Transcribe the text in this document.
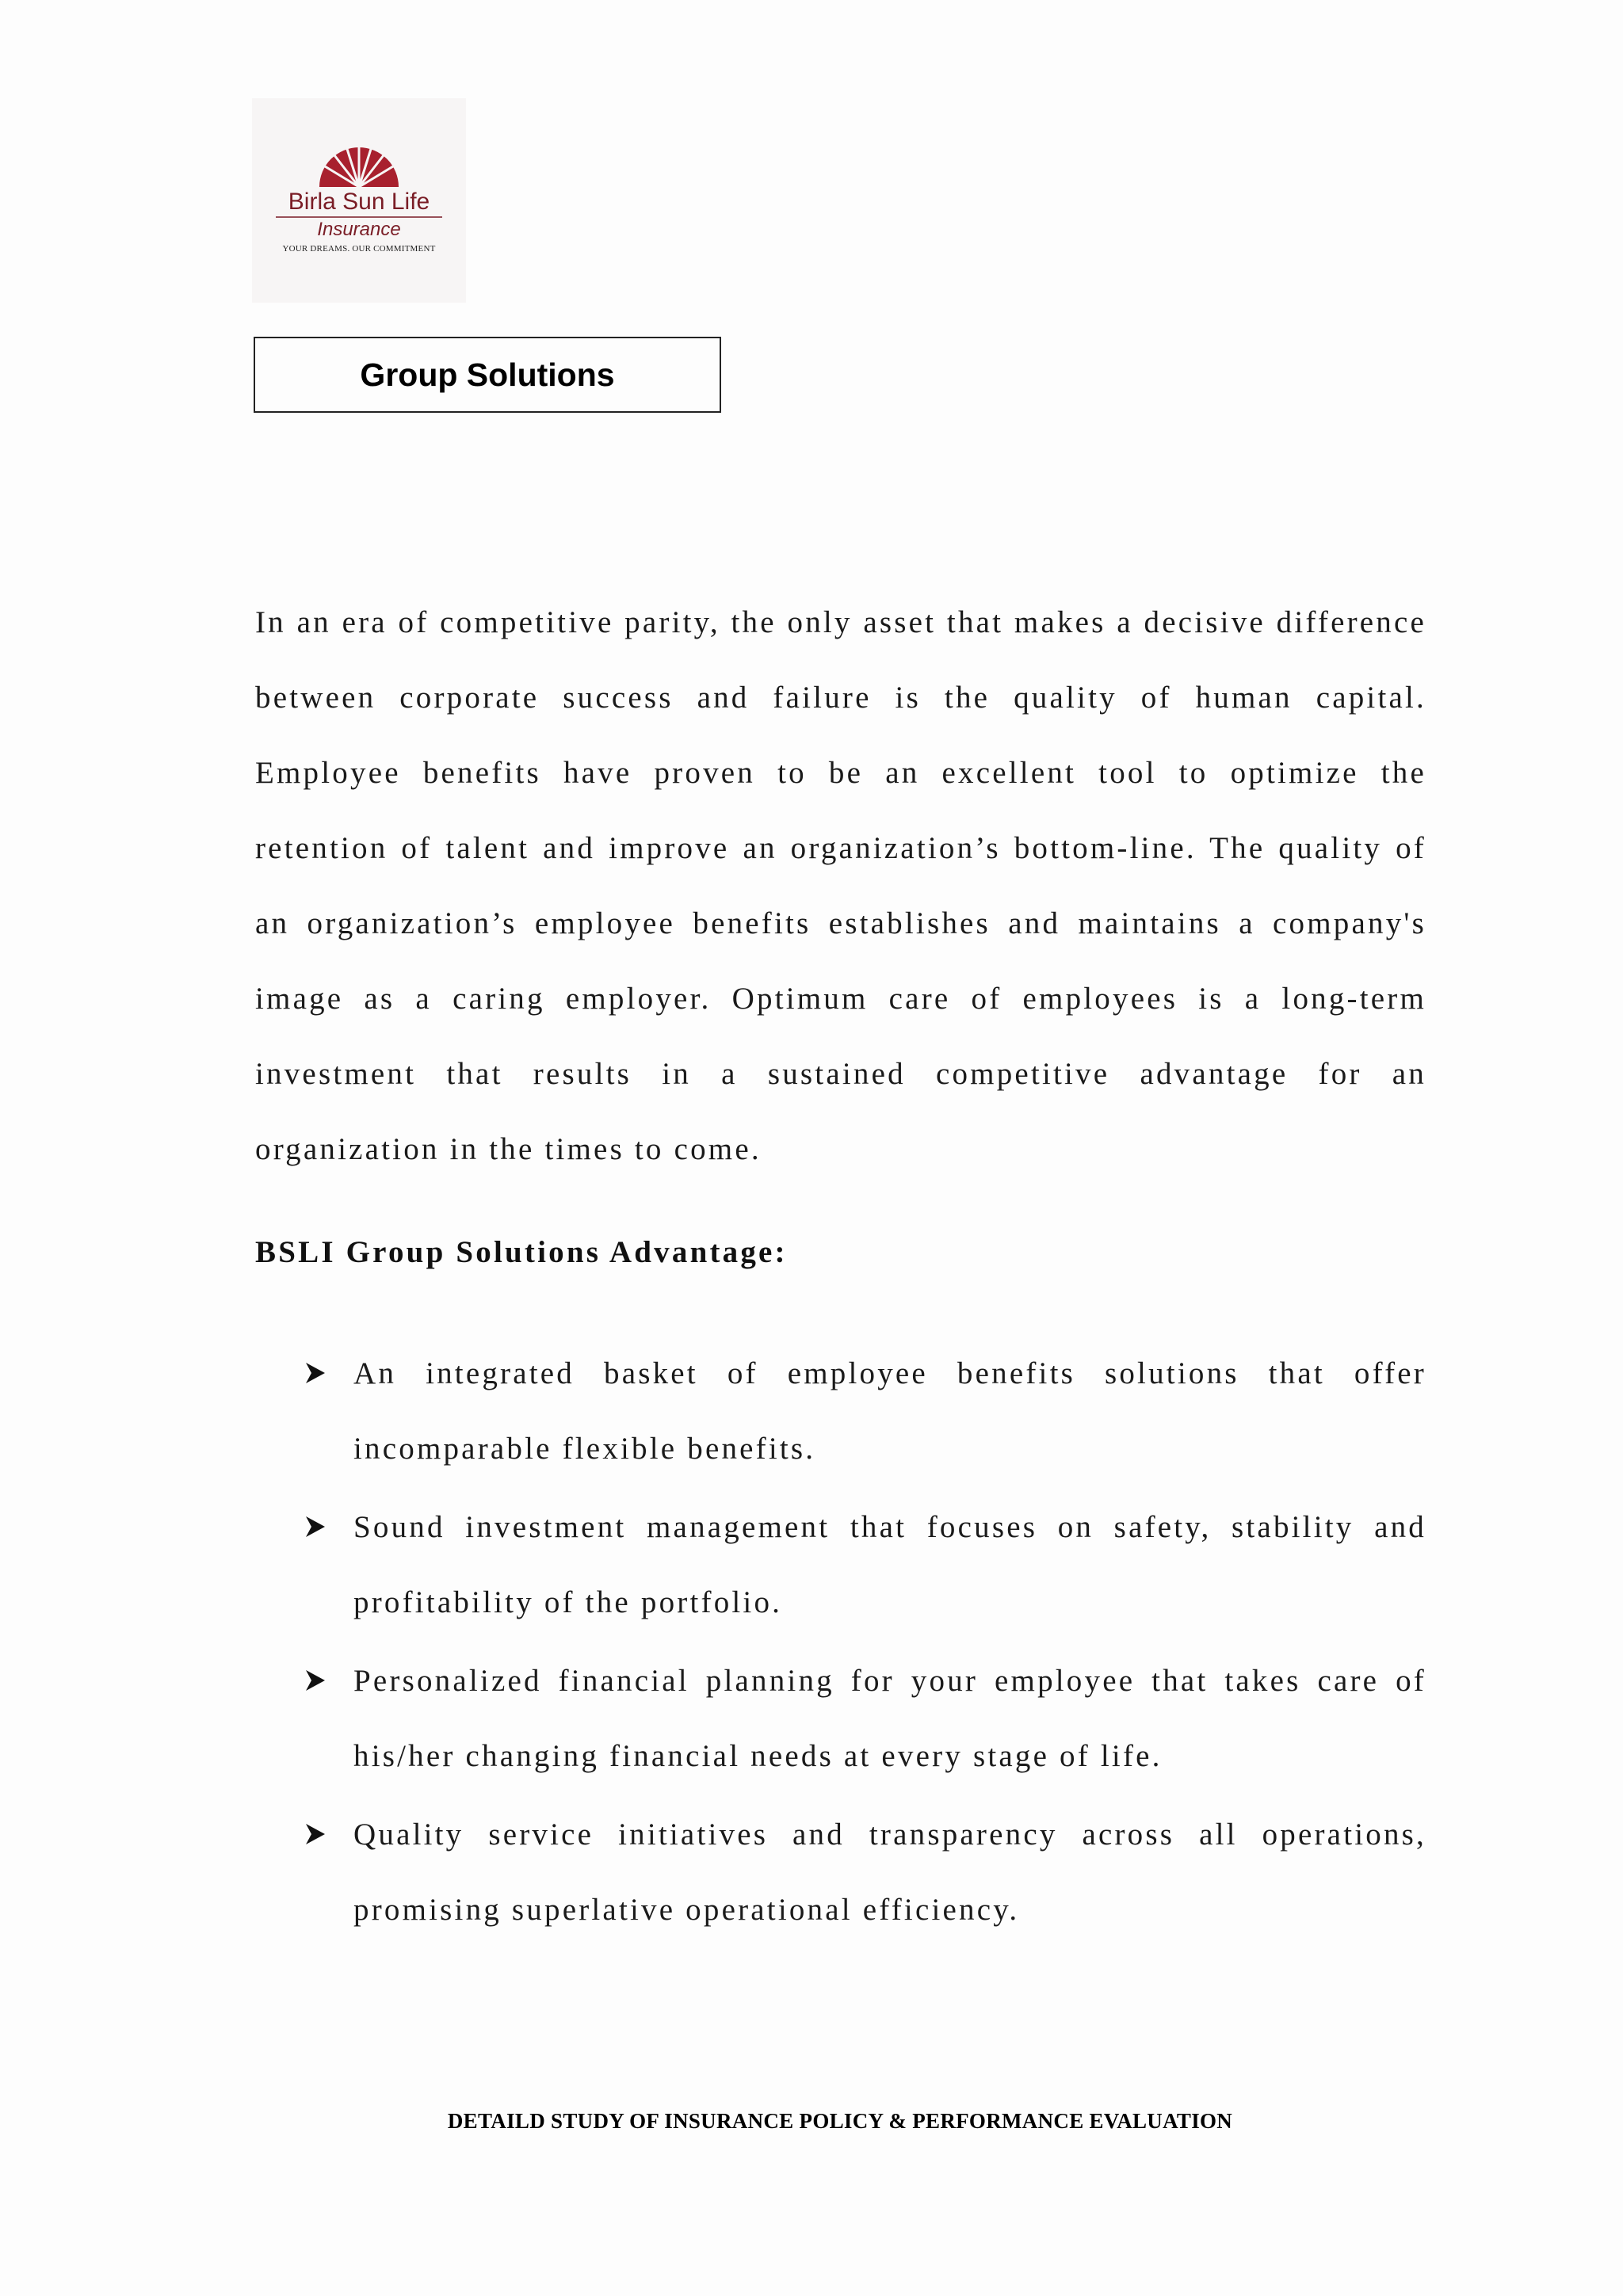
Birla Sun Life
Insurance
YOUR DREAMS. OUR COMMITMENT
Group Solutions

In an era of competitive parity, the only asset that makes a decisive difference between corporate success and failure is the quality of human capital. Employee benefits have proven to be an excellent tool to optimize the retention of talent and improve an organization’s bottom-line. The quality of an organization’s employee benefits establishes and maintains a company's image as a caring employer. Optimum care of employees is a long-term investment that results in a sustained competitive advantage for an organization in the times to come.

BSLI Group Solutions Advantage:
An integrated basket of employee benefits solutions that offer incomparable flexible benefits.
Sound investment management that focuses on safety, stability and profitability of the portfolio.
Personalized financial planning for your employee that takes care of his/her changing financial needs at every stage of life.
Quality service initiatives and transparency across all operations, promising superlative operational efficiency.
DETAILD STUDY OF INSURANCE POLICY & PERFORMANCE EVALUATION
